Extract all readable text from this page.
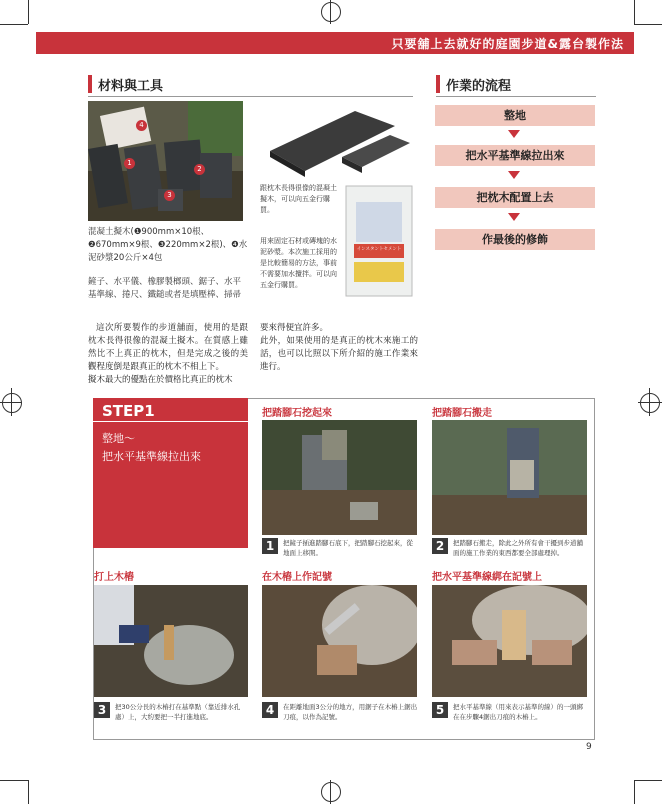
只要舖上去就好的庭園步道&露台製作法
材料與工具
4
1
2
3
混凝土擬木(❶900mm×10根、❷670mm×9根、❸220mm×2根)、❹水泥砂漿20公斤×4包
鏟子、水平儀、橡膠製榔頭、鋸子、水平基準線、捲尺、鐵鎚或者是填壓棒、掃帚
跟枕木長得很像的混凝土擬木，可以向五金行購買。
インスタントセメント
用來固定石材或磚塊的水泥砂漿。本次施工採用的是比較簡易的方法，事前不需要加水攪拌。可以向五金行購買。
這次所要製作的步道舖面，使用的是跟枕木長得很像的混凝土擬木。在質感上雖然比不上真正的枕木，但是完成之後的美觀程度倒是跟真正的枕木不相上下。
擬木最大的優點在於價格比真正的枕木
要來得便宜許多。
此外，如果使用的是真正的枕木來施工的話，也可以比照以下所介紹的施工作業來進行。
作業的流程
整地
把水平基準線拉出來
把枕木配置上去
作最後的修飾
STEP1
整地～
把水平基準線拉出來
把踏腳石挖起來
1	把鏟子插進踏腳石底下，把踏腳石挖起來，從地面上移開。
把踏腳石搬走
2	把踏腳石搬走，除此之外所有會干擾到步道舖面的施工作業的東西都要全部處理掉。
打上木樁
3	把30公分長的木樁打在基準點（靠近排水孔處）上，大約要把一半打進地底。
在木樁上作記號
4	在距離地面3公分的地方，用鋸子在木樁上鋸出刀痕，以作為記號。
把水平基準線綁在記號上
5	把水平基準線（用來表示基準的線）的一頭綁在在步驟4鋸出刀痕的木樁上。
9
